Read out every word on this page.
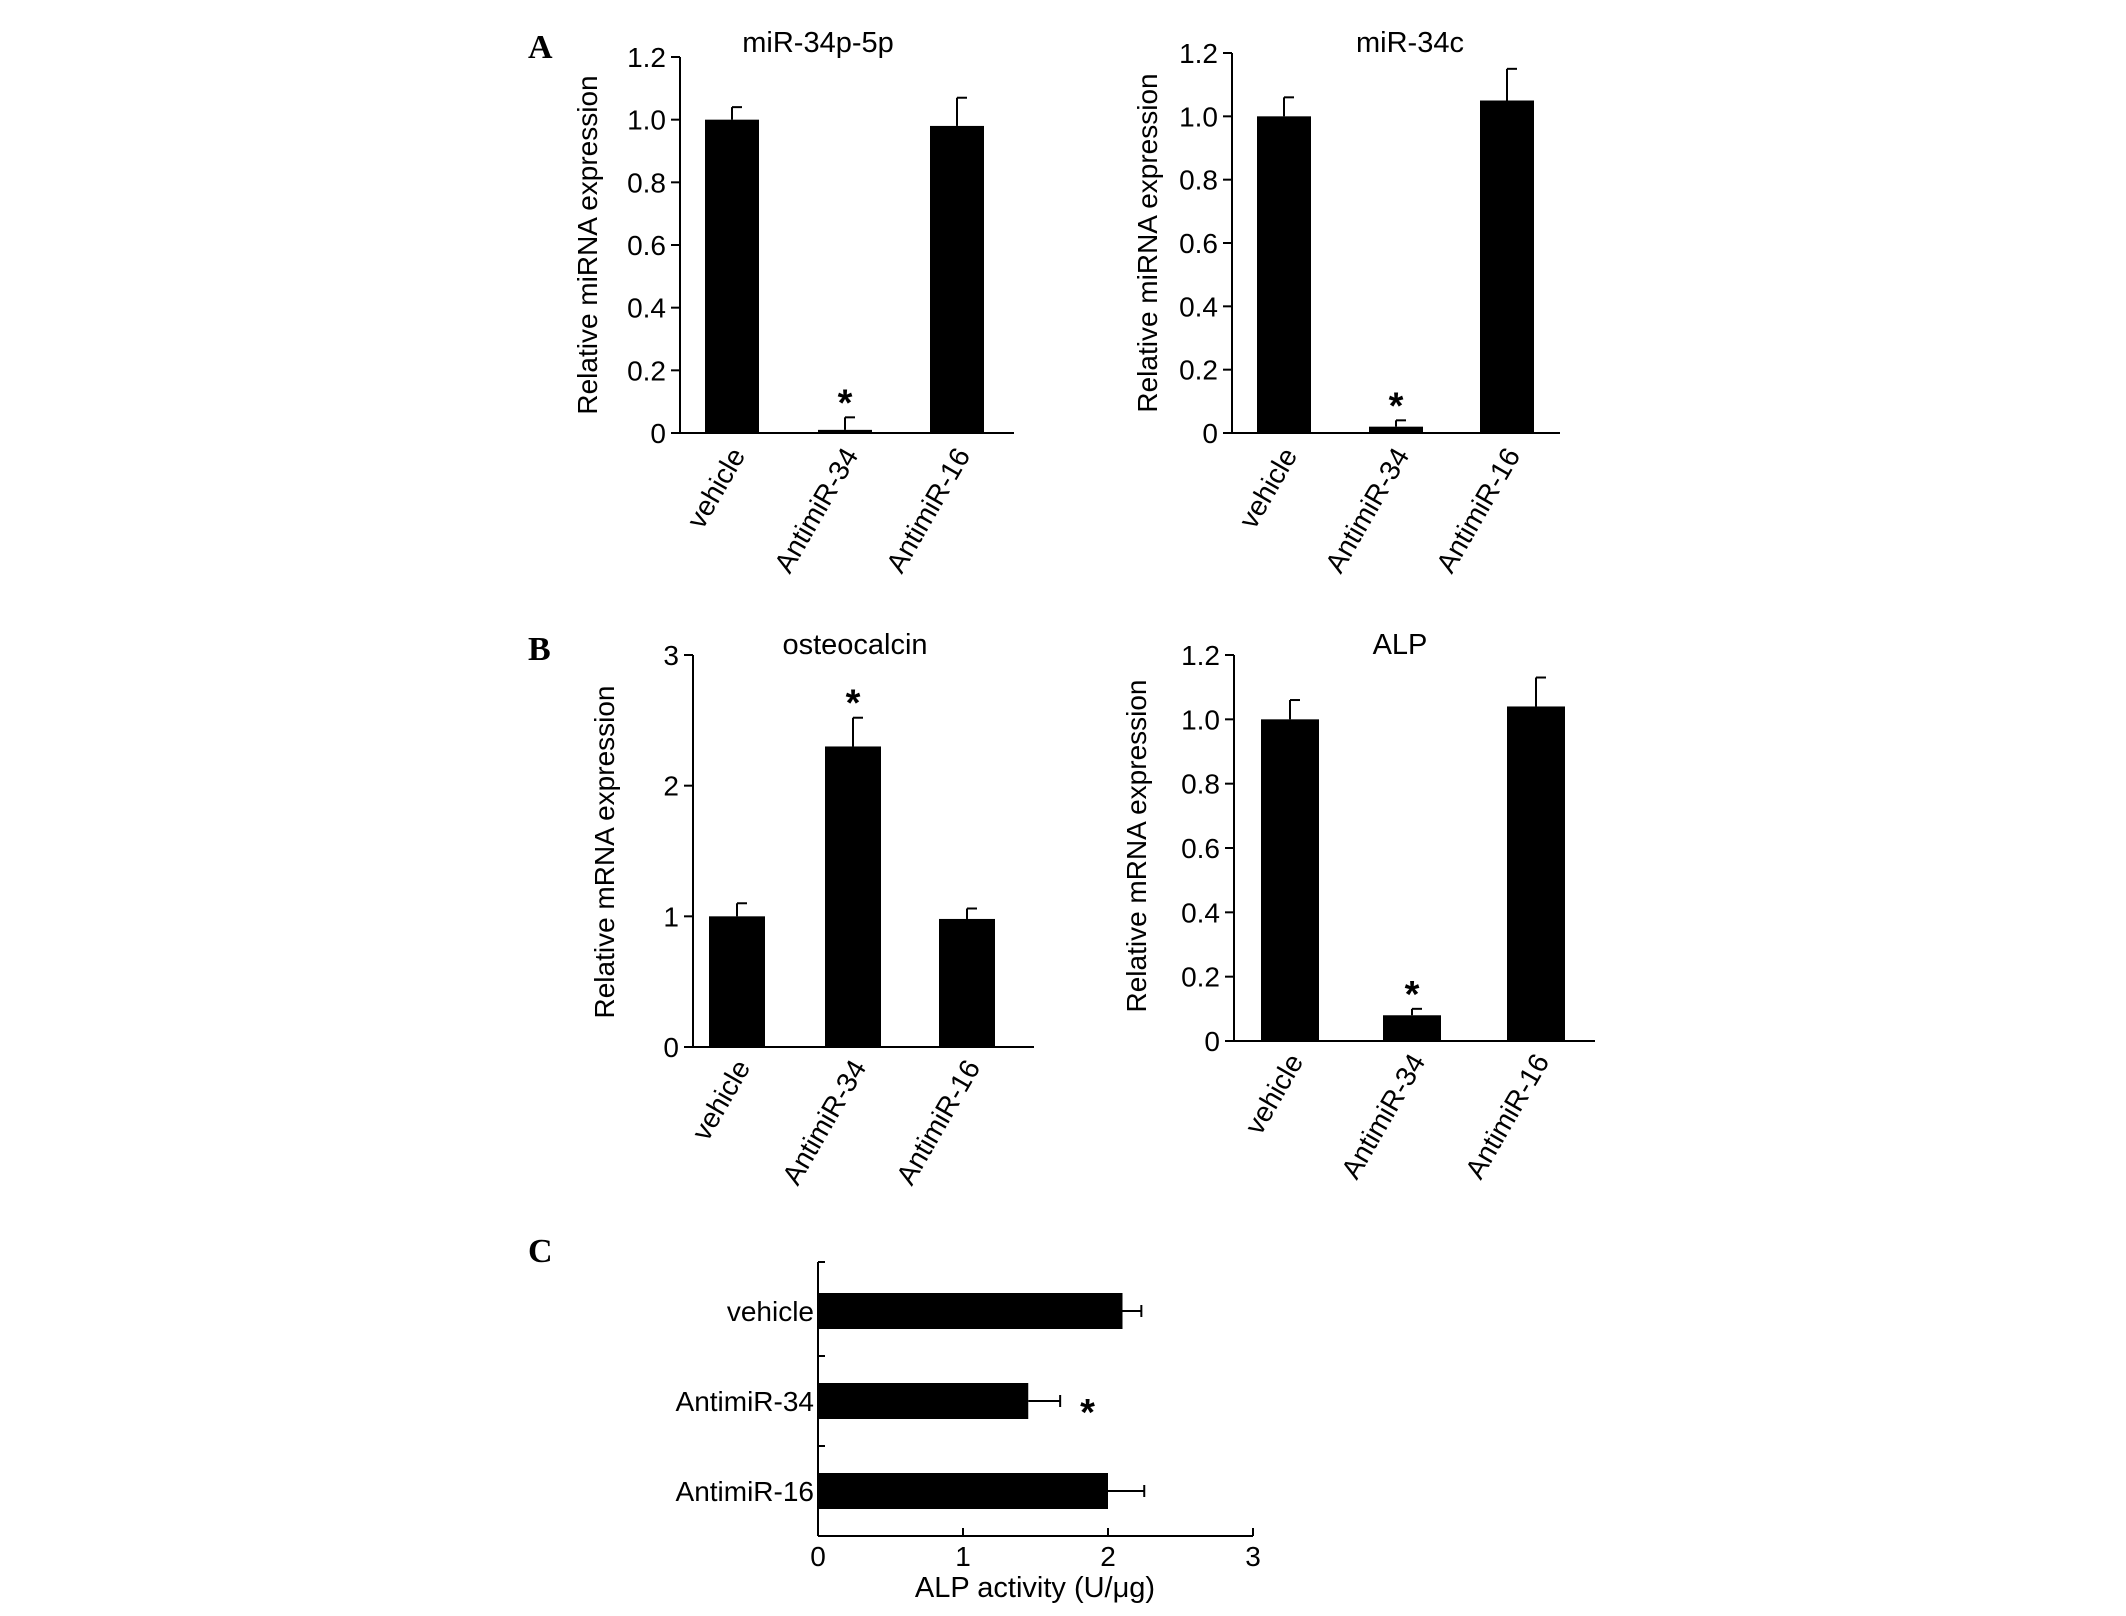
A
B
C
0
0.2
0.4
0.6
0.8
1.0
1.2	miR-34p-5p
Relative miRNA expression
vehicle
*
AntimiR-34 AntimiR-16
0
0.2
0.4
0.6
0.8
1.0
1.2	miR-34c
Relative miRNA expression
vehicle
*
AntimiR-34 AntimiR-16
0
1
2
3	osteocalcin
Relative mRNA expression
vehicle
*
AntimiR-34 AntimiR-16
0
0.2
0.4
0.6
0.8
1.0
1.2	ALP
Relative mRNA expression
vehicle
*
AntimiR-34 AntimiR-16
0	1	2	3
ALP activity (U/μg)
vehicle
*
AntimiR-34
AntimiR-16
